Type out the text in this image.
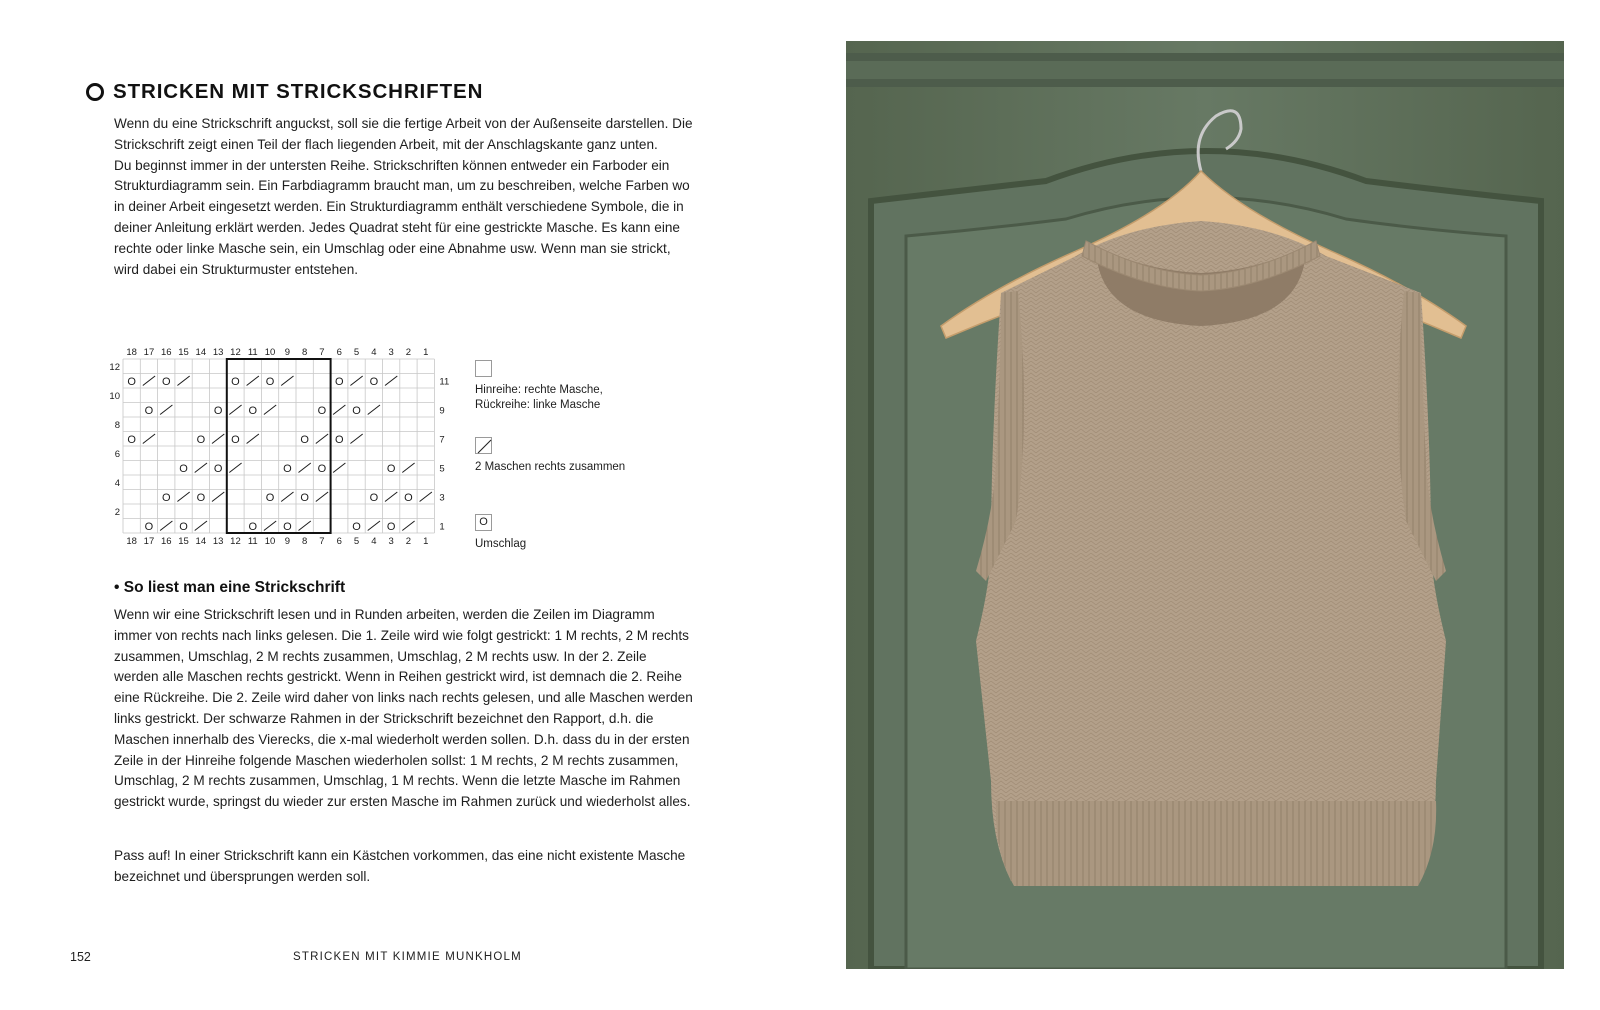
STRICKEN MIT STRICKSCHRIFTEN

Wenn du eine Strickschrift anguckst, soll sie die fertige Arbeit von der Außenseite darstellen. Die Strickschrift zeigt einen Teil der flach liegenden Arbeit, mit der Anschlagskante ganz unten.

Du beginnst immer in der untersten Reihe. Strickschriften können entweder ein Farboder ein Strukturdiagramm sein. Ein Farbdiagramm braucht man, um zu beschreiben, welche Farben wo in deiner Arbeit eingesetzt werden. Ein Strukturdiagramm enthält verschiedene Symbole, die in deiner Anleitung erklärt werden. Jedes Quadrat steht für eine gestrickte Masche. Es kann eine rechte oder linke Masche sein, ein Umschlag oder eine Abnahme usw. Wenn man sie strickt, wird dabei ein Strukturmuster entstehen.

O O	O O	O O
O	O O	O O
O	O O	O O
O O	O O	O
O O	O O	O O
O O	O O	O O
18
18
17
17
16
16
15
15
14
14
13
13
12
12
11
11
10
10
9
9
8
8
7
7
6
6
5
5
4
4
3
3
2
2
1
1
11
9
7
5
3
1
12
10
8
6
4
2
Hinreihe: rechte Masche,
Rückreihe: linke Masche
2 Maschen rechts zusammen
O
Umschlag
• So liest man eine Strickschrift
Wenn wir eine Strickschrift lesen und in Runden arbeiten, werden die Zeilen im Diagramm immer von rechts nach links gelesen. Die 1. Zeile wird wie folgt gestrickt: 1 M rechts, 2 M rechts zusammen, Umschlag, 2 M rechts zusammen, Umschlag, 2 M rechts usw. In der 2. Zeile werden alle Maschen rechts gestrickt. Wenn in Reihen gestrickt wird, ist demnach die 2. Reihe eine Rückreihe. Die 2. Zeile wird daher von links nach rechts gelesen, und alle Maschen werden links gestrickt. Der schwarze Rahmen in der Strickschrift bezeichnet den Rapport, d.h. die Maschen innerhalb des Vierecks, die x-mal wiederholt werden sollen. D.h. dass du in der ersten Zeile in der Hinreihe folgende Maschen wiederholen sollst: 1 M rechts, 2 M rechts zusammen, Umschlag, 2 M rechts zusammen, Umschlag, 1 M rechts. Wenn die letzte Masche im Rahmen gestrickt wurde, springst du wieder zur ersten Masche im Rahmen zurück und wiederholst alles.
Pass auf! In einer Strickschrift kann ein Kästchen vorkommen, das eine nicht existente Masche bezeichnet und übersprungen werden soll.
152	STRICKEN MIT KIMMIE MUNKHOLM
